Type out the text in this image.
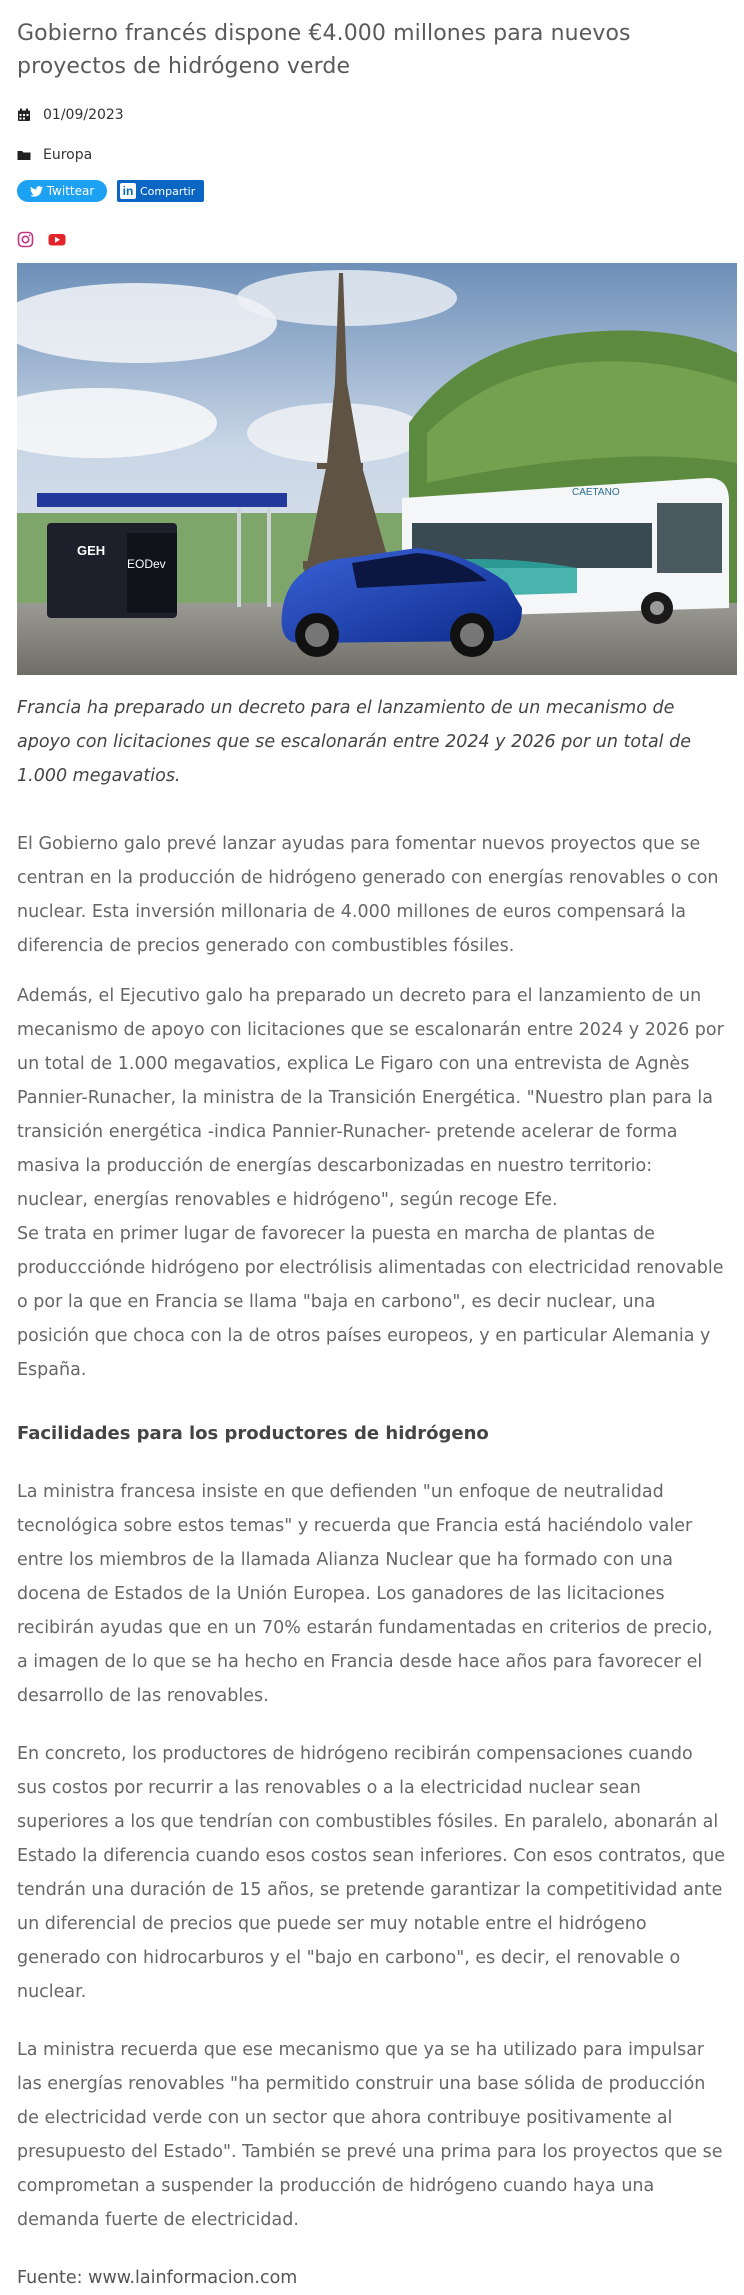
Gobierno francés dispone €4.000 millones para nuevos proyectos de hidrógeno verde
01/09/2023
Europa
Twittear in Compartir
GEH
EODev
CAETANO

Francia ha preparado un decreto para el lanzamiento de un mecanismo de apoyo con licitaciones que se escalonarán entre 2024 y 2026 por un total de 1.000 megavatios.

El Gobierno galo prevé lanzar ayudas para fomentar nuevos proyectos que se centran en la producción de hidrógeno generado con energías renovables o con nuclear. Esta inversión millonaria de 4.000 millones de euros compensará la diferencia de precios generado con combustibles fósiles.

Además, el Ejecutivo galo ha preparado un decreto para el lanzamiento de un mecanismo de apoyo con licitaciones que se escalonarán entre 2024 y 2026 por un total de 1.000 megavatios, explica Le Figaro con una entrevista de Agnès Pannier-Runacher, la ministra de la Transición Energética. "Nuestro plan para la transición energética -indica Pannier-Runacher- pretende acelerar de forma masiva la producción de energías descarbonizadas en nuestro territorio: nuclear, energías renovables e hidrógeno", según recoge Efe.

Se trata en primer lugar de favorecer la puesta en marcha de plantas de produccciónde hidrógeno por electrólisis alimentadas con electricidad renovable o por la que en Francia se llama "baja en carbono", es decir nuclear, una posición que choca con la de otros países europeos, y en particular Alemania y España.

Facilidades para los productores de hidrógeno

La ministra francesa insiste en que defienden "un enfoque de neutralidad tecnológica sobre estos temas" y recuerda que Francia está haciéndolo valer entre los miembros de la llamada Alianza Nuclear que ha formado con una docena de Estados de la Unión Europea. Los ganadores de las licitaciones recibirán ayudas que en un 70% estarán fundamentadas en criterios de precio, a imagen de lo que se ha hecho en Francia desde hace años para favorecer el desarrollo de las renovables.

En concreto, los productores de hidrógeno recibirán compensaciones cuando sus costos por recurrir a las renovables o a la electricidad nuclear sean superiores a los que tendrían con combustibles fósiles. En paralelo, abonarán al Estado la diferencia cuando esos costos sean inferiores. Con esos contratos, que tendrán una duración de 15 años, se pretende garantizar la competitividad ante un diferencial de precios que puede ser muy notable entre el hidrógeno generado con hidrocarburos y el "bajo en carbono", es decir, el renovable o nuclear.

La ministra recuerda que ese mecanismo que ya se ha utilizado para impulsar las energías renovables "ha permitido construir una base sólida de producción de electricidad verde con un sector que ahora contribuye positivamente al presupuesto del Estado". También se prevé una prima para los proyectos que se comprometan a suspender la producción de hidrógeno cuando haya una demanda fuerte de electricidad.

Fuente: www.lainformacion.com
